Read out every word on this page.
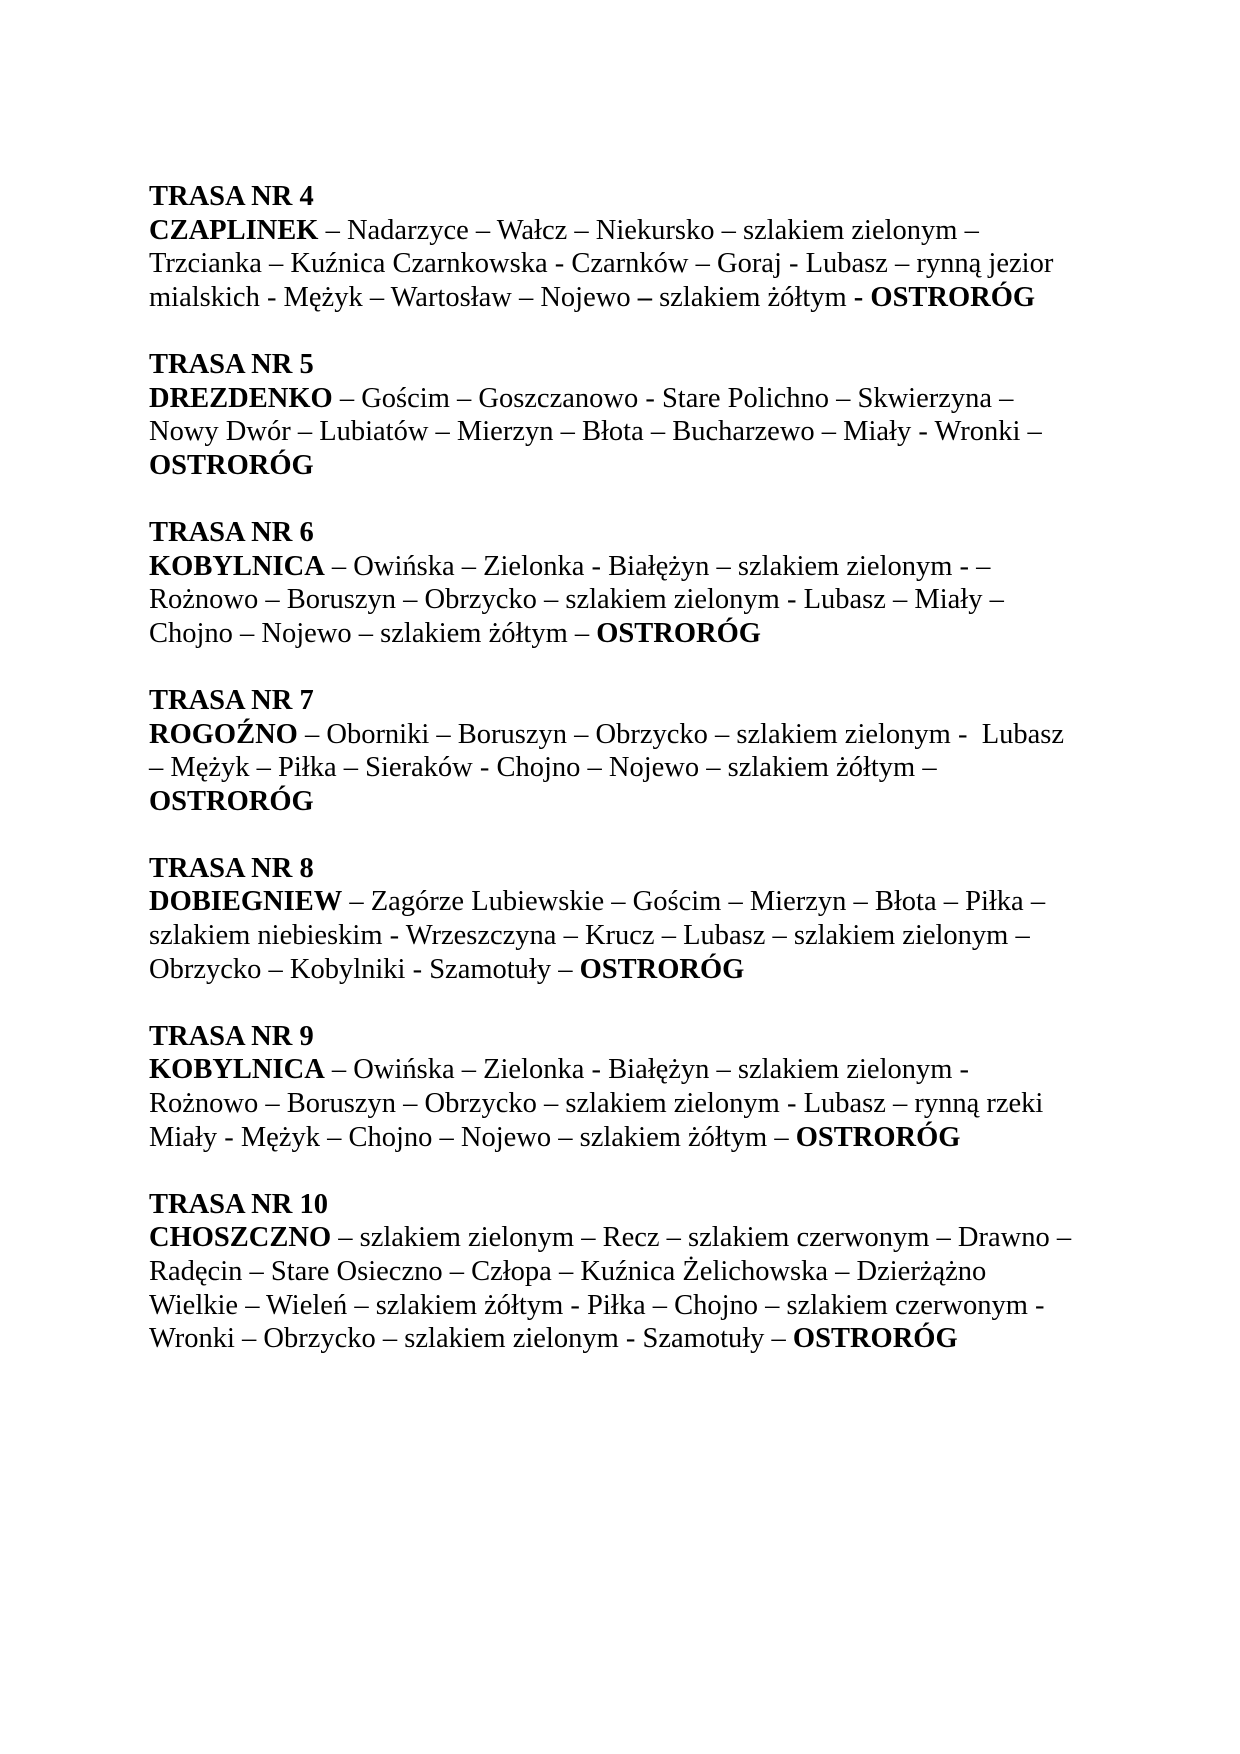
TRASA NR 4
CZAPLINEK – Nadarzyce – Wałcz – Niekursko – szlakiem zielonym –
Trzcianka – Kuźnica Czarnkowska - Czarnków – Goraj - Lubasz – rynną jezior
mialskich - Mężyk – Wartosław – Nojewo – szlakiem żółtym - OSTRORÓG
TRASA NR 5
DREZDENKO – Gościm – Goszczanowo - Stare Polichno – Skwierzyna –
Nowy Dwór – Lubiatów – Mierzyn – Błota – Bucharzewo – Miały - Wronki –
OSTRORÓG
TRASA NR 6
KOBYLNICA – Owińska – Zielonka - Białężyn – szlakiem zielonym - –
Rożnowo – Boruszyn – Obrzycko – szlakiem zielonym - Lubasz – Miały –
Chojno – Nojewo – szlakiem żółtym – OSTRORÓG
TRASA NR 7
ROGOŹNO – Oborniki – Boruszyn – Obrzycko – szlakiem zielonym -  Lubasz
– Mężyk – Piłka – Sieraków - Chojno – Nojewo – szlakiem żółtym –
OSTRORÓG
TRASA NR 8
DOBIEGNIEW – Zagórze Lubiewskie – Gościm – Mierzyn – Błota – Piłka –
szlakiem niebieskim - Wrzeszczyna – Krucz – Lubasz – szlakiem zielonym –
Obrzycko – Kobylniki - Szamotuły – OSTRORÓG
TRASA NR 9
KOBYLNICA – Owińska – Zielonka - Białężyn – szlakiem zielonym -
Rożnowo – Boruszyn – Obrzycko – szlakiem zielonym - Lubasz – rynną rzeki
Miały - Mężyk – Chojno – Nojewo – szlakiem żółtym – OSTRORÓG
TRASA NR 10
CHOSZCZNO – szlakiem zielonym – Recz – szlakiem czerwonym – Drawno –
Radęcin – Stare Osieczno – Człopa – Kuźnica Żelichowska – Dzierżążno
Wielkie – Wieleń – szlakiem żółtym - Piłka – Chojno – szlakiem czerwonym -
Wronki – Obrzycko – szlakiem zielonym - Szamotuły – OSTRORÓG
